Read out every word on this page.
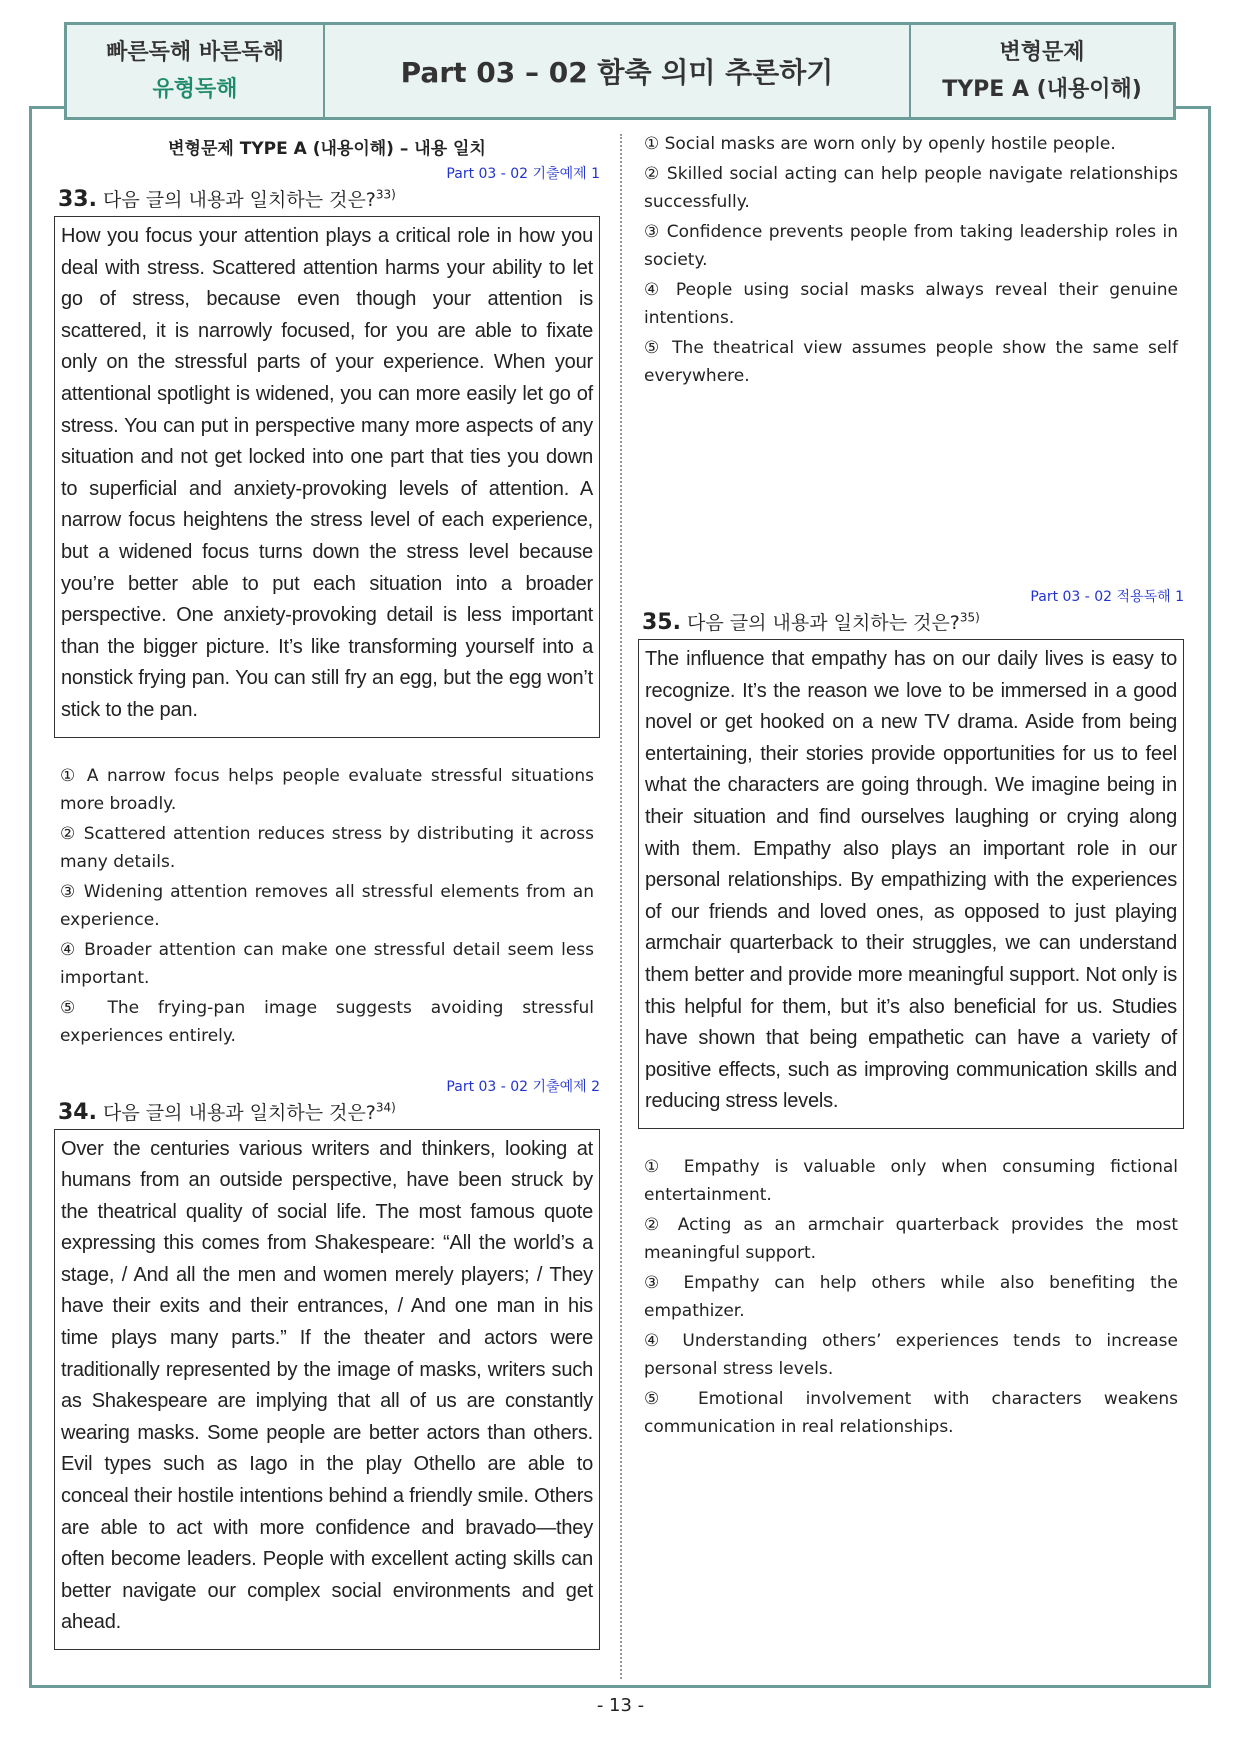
빠른독해 바른독해
유형독해
Part 03 – 02 함축 의미 추론하기
변형문제
TYPE A (내용이해)
변형문제 TYPE A (내용이해) – 내용 일치
Part 03 - 02 기출예제 1
33. 다음 글의 내용과 일치하는 것은?$^{33)}$
How you focus your attention plays a critical role in how you deal with stress. Scattered attention harms your ability to let go of stress, because even though your attention is scattered, it is narrowly focused, for you are able to fixate only on the stressful parts of your experience. When your attentional spotlight is widened, you can more easily let go of stress. You can put in perspective many more aspects of any situation and not get locked into one part that ties you down to superficial and anxiety-provoking levels of attention. A narrow focus heightens the stress level of each experience, but a widened focus turns down the stress level because you’re better able to put each situation into a broader perspective. One anxiety-provoking detail is less important than the bigger picture. It’s like transforming yourself into a nonstick frying pan. You can still fry an egg, but the egg won’t stick to the pan.
① A narrow focus helps people evaluate stressful situations more broadly.
② Scattered attention reduces stress by distributing it across many details.
③ Widening attention removes all stressful elements from an experience.
④ Broader attention can make one stressful detail seem less important.
⑤ The frying-pan image suggests avoiding stressful experiences entirely.
Part 03 - 02 기출예제 2
34. 다음 글의 내용과 일치하는 것은?$^{34)}$
Over the centuries various writers and thinkers, looking at humans from an outside perspective, have been struck by the theatrical quality of social life. The most famous quote expressing this comes from Shakespeare: “All the world’s a stage, / And all the men and women merely players; / They have their exits and their entrances, / And one man in his time plays many parts.” If the theater and actors were traditionally represented by the image of masks, writers such as Shakespeare are implying that all of us are constantly wearing masks. Some people are better actors than others. Evil types such as Iago in the play Othello are able to conceal their hostile intentions behind a friendly smile. Others are able to act with more confidence and bravado—they often become leaders. People with excellent acting skills can better navigate our complex social environments and get ahead.
① Social masks are worn only by openly hostile people.
② Skilled social acting can help people navigate relationships successfully.
③ Confidence prevents people from taking leadership roles in society.
④ People using social masks always reveal their genuine intentions.
⑤ The theatrical view assumes people show the same self everywhere.
Part 03 - 02 적용독해 1
35. 다음 글의 내용과 일치하는 것은?$^{35)}$
The influence that empathy has on our daily lives is easy to recognize. It’s the reason we love to be immersed in a good novel or get hooked on a new TV drama. Aside from being entertaining, their stories provide opportunities for us to feel what the characters are going through. We imagine being in their situation and find ourselves laughing or crying along with them. Empathy also plays an important role in our personal relationships. By empathizing with the experiences of our friends and loved ones, as opposed to just playing armchair quarterback to their struggles, we can understand them better and provide more meaningful support. Not only is this helpful for them, but it’s also beneficial for us. Studies have shown that being empathetic can have a variety of positive effects, such as improving communication skills and reducing stress levels.
① Empathy is valuable only when consuming fictional entertainment.
② Acting as an armchair quarterback provides the most meaningful support.
③ Empathy can help others while also benefiting the empathizer.
④ Understanding others’ experiences tends to increase personal stress levels.
⑤ Emotional involvement with characters weakens communication in real relationships.
- 13 -
